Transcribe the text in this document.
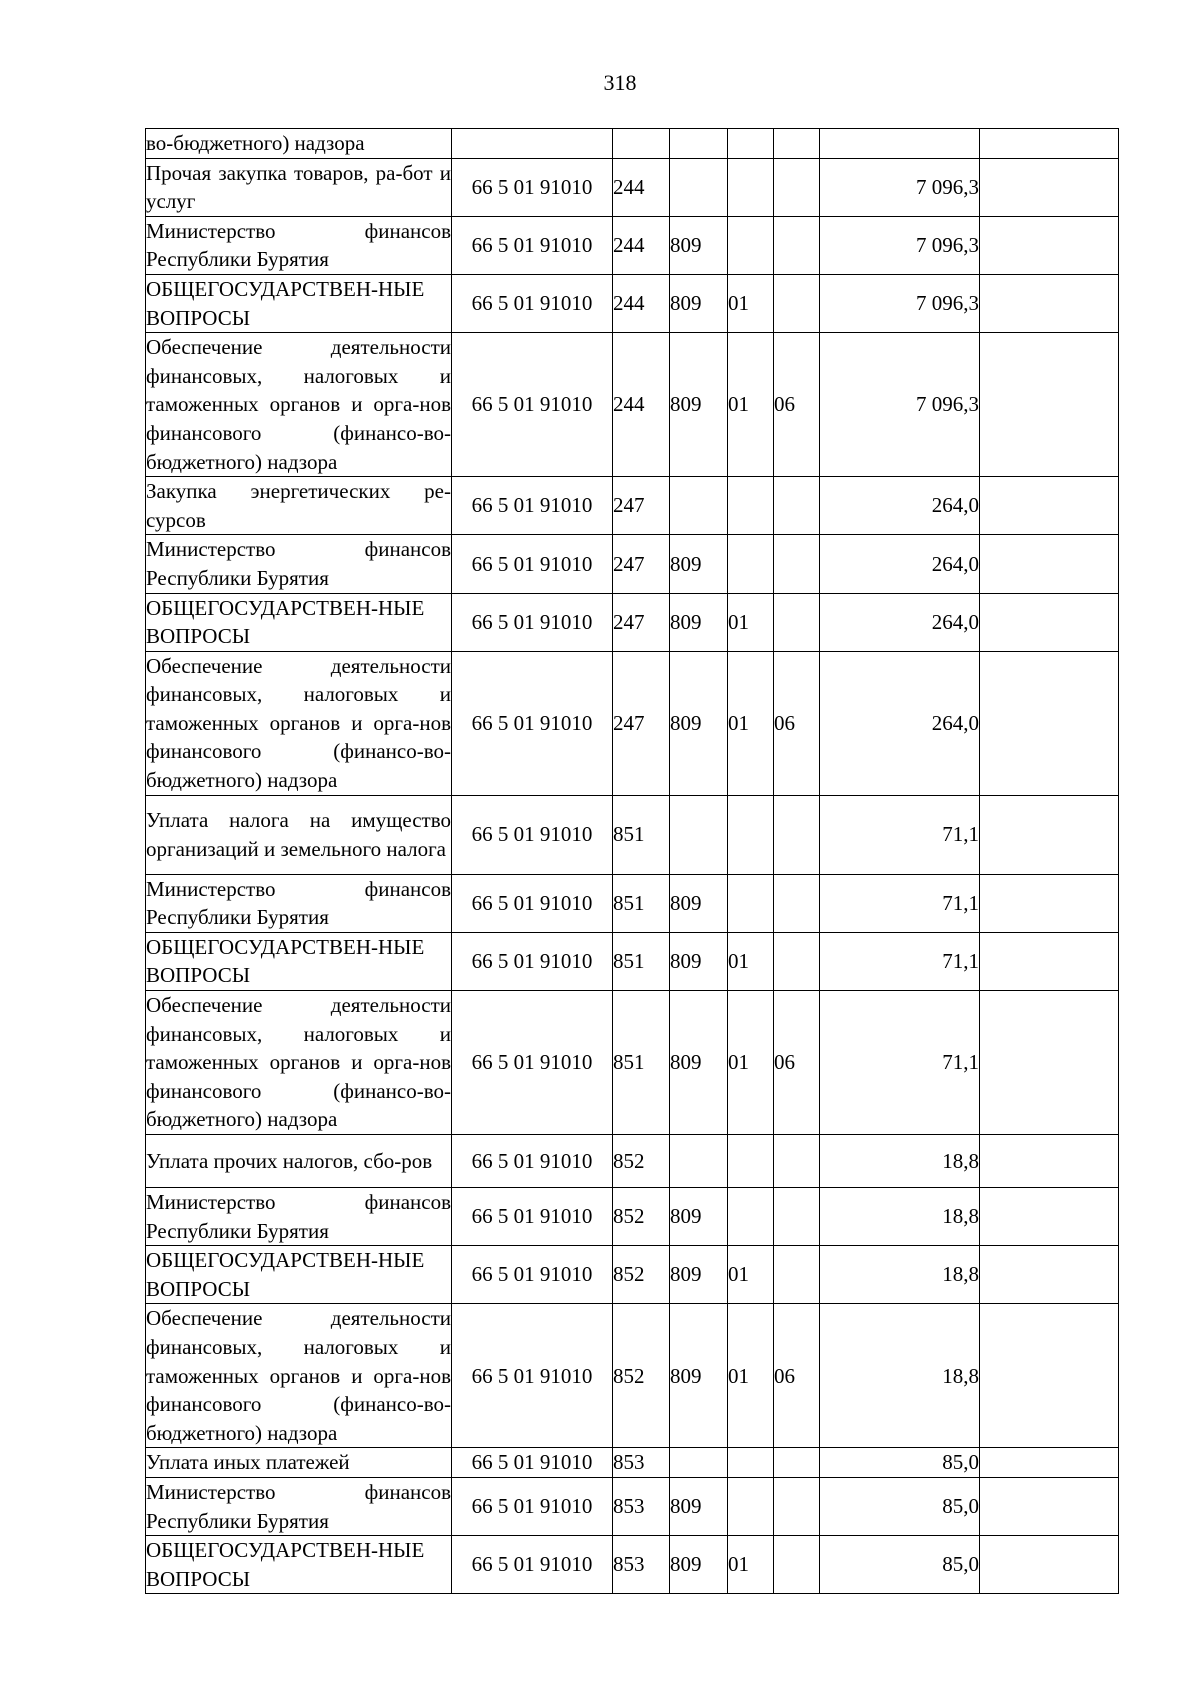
318
во-бюджетного) надзора							
Прочая закупка товаров, ра-бот и услуг	66 5 01 91010	244				7 096,3	
Министерство финансов Республики Бурятия	66 5 01 91010	244	809			7 096,3	
ОБЩЕГОСУДАРСТВЕН-НЫЕ ВОПРОСЫ	66 5 01 91010	244	809	01		7 096,3	
Обеспечение деятельности финансовых, налоговых и таможенных органов и орга-нов финансового (финансо-во-бюджетного) надзора	66 5 01 91010	244	809	01	06	7 096,3	
Закупка энергетических ре-сурсов	66 5 01 91010	247				264,0	
Министерство финансов Республики Бурятия	66 5 01 91010	247	809			264,0	
ОБЩЕГОСУДАРСТВЕН-НЫЕ ВОПРОСЫ	66 5 01 91010	247	809	01		264,0	
Обеспечение деятельности финансовых, налоговых и таможенных органов и орга-нов финансового (финансо-во-бюджетного) надзора	66 5 01 91010	247	809	01	06	264,0	
Уплата налога на имущество организаций и земельного налога	66 5 01 91010	851				71,1	
Министерство финансов Республики Бурятия	66 5 01 91010	851	809			71,1	
ОБЩЕГОСУДАРСТВЕН-НЫЕ ВОПРОСЫ	66 5 01 91010	851	809	01		71,1	
Обеспечение деятельности финансовых, налоговых и таможенных органов и орга-нов финансового (финансо-во-бюджетного) надзора	66 5 01 91010	851	809	01	06	71,1	
Уплата прочих налогов, сбо-ров	66 5 01 91010	852				18,8	
Министерство финансов Республики Бурятия	66 5 01 91010	852	809			18,8	
ОБЩЕГОСУДАРСТВЕН-НЫЕ ВОПРОСЫ	66 5 01 91010	852	809	01		18,8	
Обеспечение деятельности финансовых, налоговых и таможенных органов и орга-нов финансового (финансо-во-бюджетного) надзора	66 5 01 91010	852	809	01	06	18,8	
Уплата иных платежей	66 5 01 91010	853				85,0	
Министерство финансов Республики Бурятия	66 5 01 91010	853	809			85,0	
ОБЩЕГОСУДАРСТВЕН-НЫЕ ВОПРОСЫ	66 5 01 91010	853	809	01		85,0	
